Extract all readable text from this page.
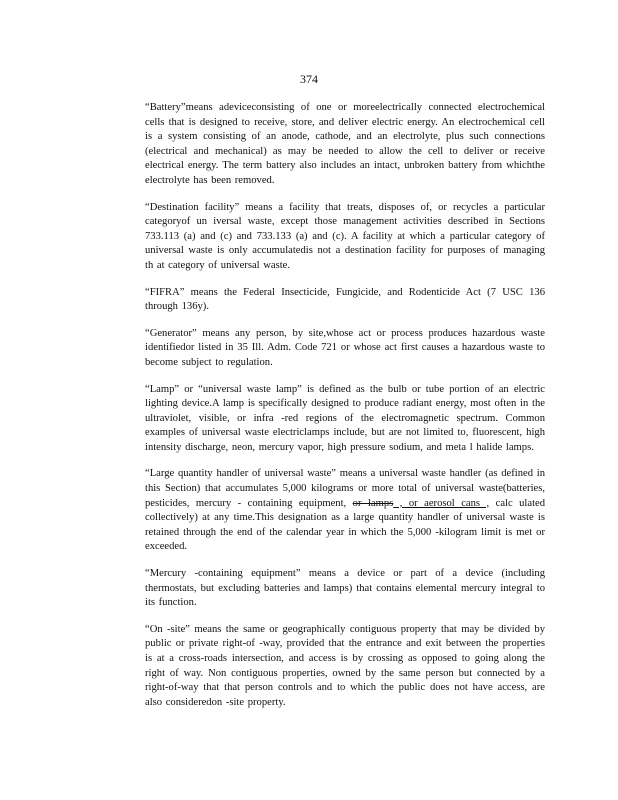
374

“Battery”means adeviceconsisting of one or moreelectrically connected electrochemical cells that is designed to receive, store, and deliver electric energy. An electrochemical cell is a system consisting of an anode, cathode, and an electrolyte, plus such connections (electrical and mechanical) as may be needed to allow the cell to deliver or receive electrical energy. The term battery also includes an intact, unbroken battery from whichthe electrolyte has been removed.

“Destination facility” means a facility that treats, disposes of, or recycles a particular categoryof un iversal waste, except those management activities described in Sections 733.113 (a) and (c) and 733.133 (a) and (c). A facility at which a particular category of universal waste is only accumulatedis not a destination facility for purposes of managing th at category of universal waste.

“FIFRA” means the Federal Insecticide, Fungicide, and Rodenticide Act (7 USC 136 through 136y).

“Generator” means any person, by site,whose act or process produces hazardous waste identifiedor listed in 35 Ill. Adm. Code 721 or whose act first causes a hazardous waste to become subject to regulation.

“Lamp” or “universal waste lamp” is defined as the bulb or tube portion of an electric lighting device.A lamp is specifically designed to produce radiant energy, most often in the ultraviolet, visible, or infra -red regions of the electromagnetic spectrum. Common examples of universal waste electriclamps include, but are not limited to, fluorescent, high intensity discharge, neon, mercury vapor, high pressure sodium, and meta l halide lamps.

“Large quantity handler of universal waste” means a universal waste handler (as defined in this Section) that accumulates 5,000 kilograms or more total of universal waste(batteries, pesticides, mercury - containing equipment, or lamps , or aerosol cans , calc ulated collectively) at any time.This designation as a large quantity handler of universal waste is retained through the end of the calendar year in which the 5,000 -kilogram limit is met or exceeded.

“Mercury -containing equipment” means a device or part of a device (including thermostats, but excluding batteries and lamps) that contains elemental mercury integral to its function.

“On -site” means the same or geographically contiguous property that may be divided by public or private right-of -way, provided that the entrance and exit between the properties is at a cross-roads intersection, and access is by crossing as opposed to going along the right of way. Non contiguous properties, owned by the same person but connected by a right-of-way that that person controls and to which the public does not have access, are also consideredon -site property.
